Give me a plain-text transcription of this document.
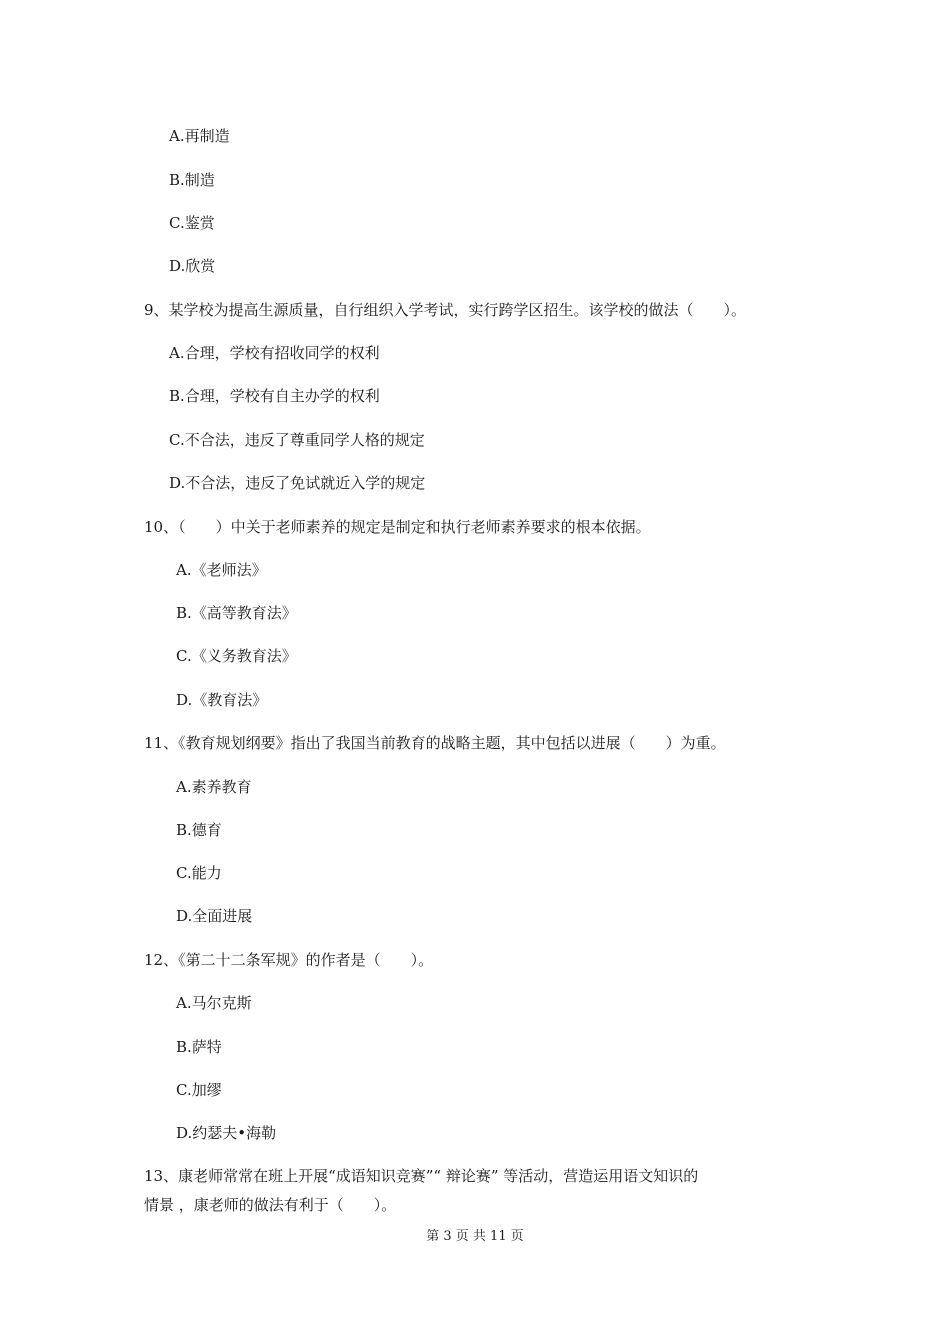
A.再制造
B.制造
C.鉴赏
D.欣赏
9、某学校为提高生源质量，自行组织入学考试，实行跨学区招生。该学校的做法（　　）。
A.合理，学校有招收同学的权利
B.合理，学校有自主办学的权利
C.不合法，违反了尊重同学人格的规定
D.不合法，违反了免试就近入学的规定
10、（　　）中关于老师素养的规定是制定和执行老师素养要求的根本依据。
A.《老师法》
B.《高等教育法》
C.《义务教育法》
D.《教育法》
11、《教育规划纲要》指出了我国当前教育的战略主题，其中包括以进展（　　）为重。
A.素养教育
B.德育
C.能力
D.全面进展
12、《第二十二条军规》的作者是（　　）。
A.马尔克斯
B.萨特
C.加缪
D.约瑟夫•海勒
13、康老师常常在班上开展“成语知识竞赛”“ 辩论赛” 等活动，营造运用语文知识的
情景 ，康老师的做法有利于（　　）。
第 3 页 共 11 页
